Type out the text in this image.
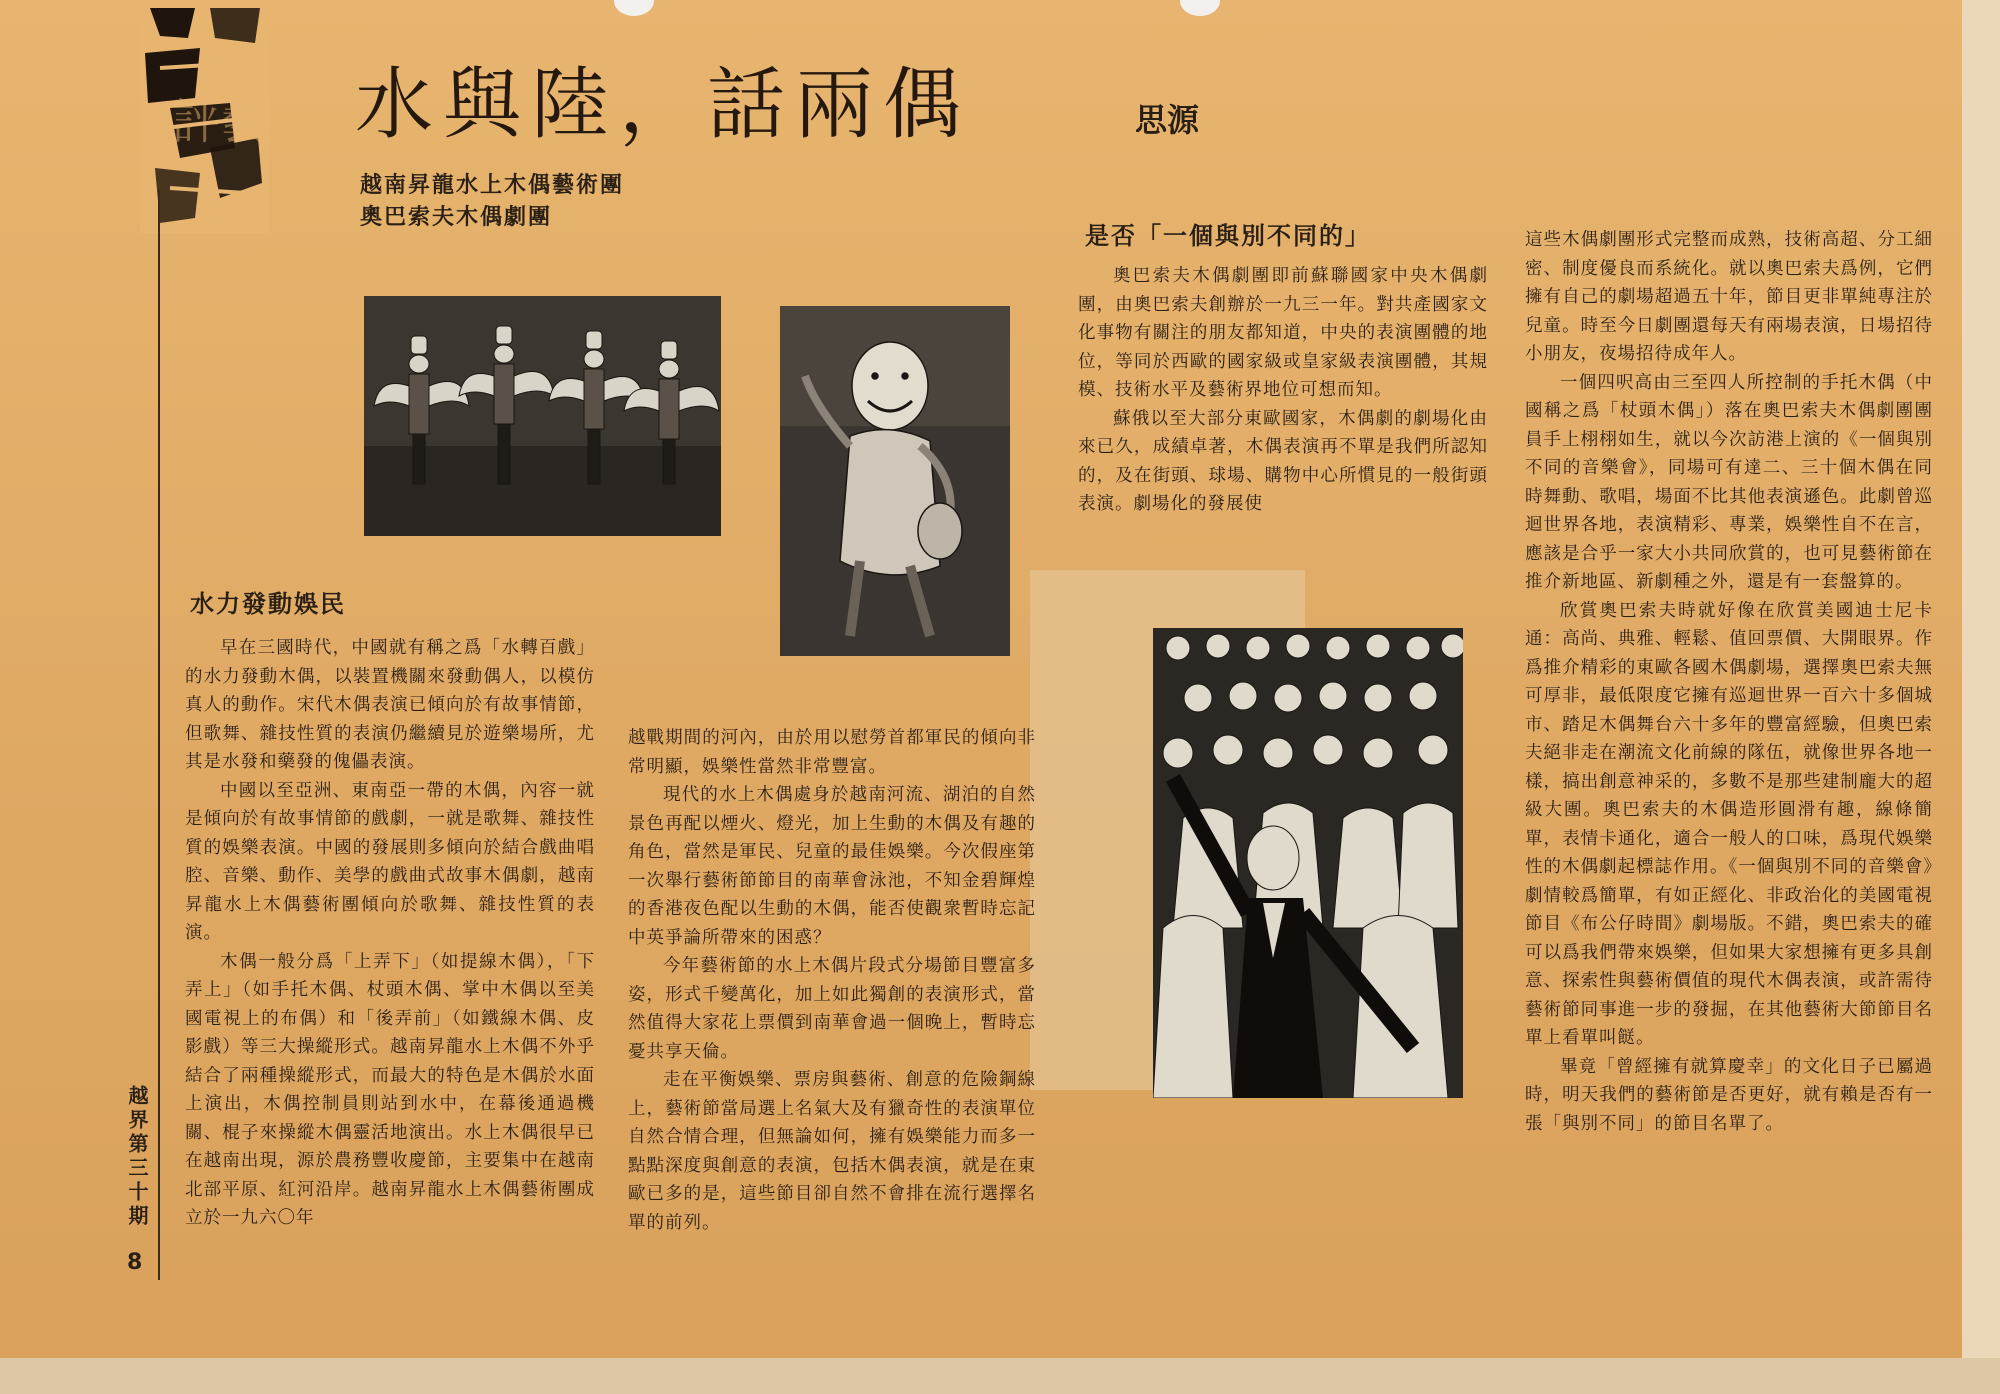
評藝
越界第三十期
8
水與陸，話兩偶	思源
越南昇龍水上木偶藝術團
奧巴索夫木偶劇團
水力發動娛民

早在三國時代，中國就有稱之爲「水轉百戲」的水力發動木偶，以裝置機關來發動偶人，以模仿真人的動作。宋代木偶表演已傾向於有故事情節，但歌舞、雜技性質的表演仍繼續見於遊樂場所，尤其是水發和藥發的傀儡表演。

中國以至亞洲、東南亞一帶的木偶，內容一就是傾向於有故事情節的戲劇，一就是歌舞、雜技性質的娛樂表演。中國的發展則多傾向於結合戲曲唱腔、音樂、動作、美學的戲曲式故事木偶劇，越南昇龍水上木偶藝術團傾向於歌舞、雜技性質的表演。

木偶一般分爲「上弄下」（如提線木偶），「下弄上」（如手托木偶、杖頭木偶、掌中木偶以至美國電視上的布偶）和「後弄前」（如鐵線木偶、皮影戲）等三大操縱形式。越南昇龍水上木偶不外乎結合了兩種操縱形式，而最大的特色是木偶於水面上演出，木偶控制員則站到水中，在幕後通過機關、棍子來操縱木偶靈活地演出。水上木偶很早已在越南出現，源於農務豐收慶節，主要集中在越南北部平原、紅河沿岸。越南昇龍水上木偶藝術團成立於一九六〇年

越戰期間的河內，由於用以慰勞首都軍民的傾向非常明顯，娛樂性當然非常豐富。

現代的水上木偶處身於越南河流、湖泊的自然景色再配以煙火、燈光，加上生動的木偶及有趣的角色，當然是軍民、兒童的最佳娛樂。今次假座第一次舉行藝術節節目的南華會泳池，不知金碧輝煌的香港夜色配以生動的木偶，能否使觀衆暫時忘記中英爭論所帶來的困惑？

今年藝術節的水上木偶片段式分場節目豐富多姿，形式千變萬化，加上如此獨創的表演形式，當然值得大家花上票價到南華會過一個晚上，暫時忘憂共享天倫。

走在平衡娛樂、票房與藝術、創意的危險鋼線上，藝術節當局選上名氣大及有獵奇性的表演單位自然合情合理，但無論如何，擁有娛樂能力而多一點點深度與創意的表演，包括木偶表演，就是在東歐已多的是，這些節目卻自然不會排在流行選擇名單的前列。

是否「一個與別不同的」

奧巴索夫木偶劇團即前蘇聯國家中央木偶劇團，由奧巴索夫創辦於一九三一年。對共產國家文化事物有關注的朋友都知道，中央的表演團體的地位，等同於西歐的國家級或皇家級表演團體，其規模、技術水平及藝術界地位可想而知。

蘇俄以至大部分東歐國家，木偶劇的劇場化由來已久，成績卓著，木偶表演再不單是我們所認知的，及在街頭、球場、購物中心所慣見的一般街頭表演。劇場化的發展使

這些木偶劇團形式完整而成熟，技術高超、分工細密、制度優良而系統化。就以奧巴索夫爲例，它們擁有自己的劇場超過五十年，節目更非單純專注於兒童。時至今日劇團還每天有兩場表演，日場招待小朋友，夜場招待成年人。

一個四呎高由三至四人所控制的手托木偶（中國稱之爲「杖頭木偶」）落在奧巴索夫木偶劇團團員手上栩栩如生，就以今次訪港上演的《一個與別不同的音樂會》，同場可有達二、三十個木偶在同時舞動、歌唱，場面不比其他表演遜色。此劇曾巡迴世界各地，表演精彩、專業，娛樂性自不在言，應該是合乎一家大小共同欣賞的，也可見藝術節在推介新地區、新劇種之外，還是有一套盤算的。

欣賞奧巴索夫時就好像在欣賞美國迪士尼卡通：高尚、典雅、輕鬆、值回票價、大開眼界。作爲推介精彩的東歐各國木偶劇場，選擇奧巴索夫無可厚非，最低限度它擁有巡迴世界一百六十多個城市、踏足木偶舞台六十多年的豐富經驗，但奧巴索夫絕非走在潮流文化前線的隊伍，就像世界各地一樣，搞出創意神采的，多數不是那些建制龐大的超級大團。奧巴索夫的木偶造形圓滑有趣，線條簡單，表情卡通化，適合一般人的口味，爲現代娛樂性的木偶劇起標誌作用。《一個與別不同的音樂會》劇情較爲簡單，有如正經化、非政治化的美國電視節目《布公仔時間》劇場版。不錯，奧巴索夫的確可以爲我們帶來娛樂，但如果大家想擁有更多具創意、探索性與藝術價值的現代木偶表演，或許需待藝術節同事進一步的發掘，在其他藝術大節節目名單上看單叫餸。

畢竟「曾經擁有就算慶幸」的文化日子已屬過時，明天我們的藝術節是否更好，就有賴是否有一張「與別不同」的節目名單了。
